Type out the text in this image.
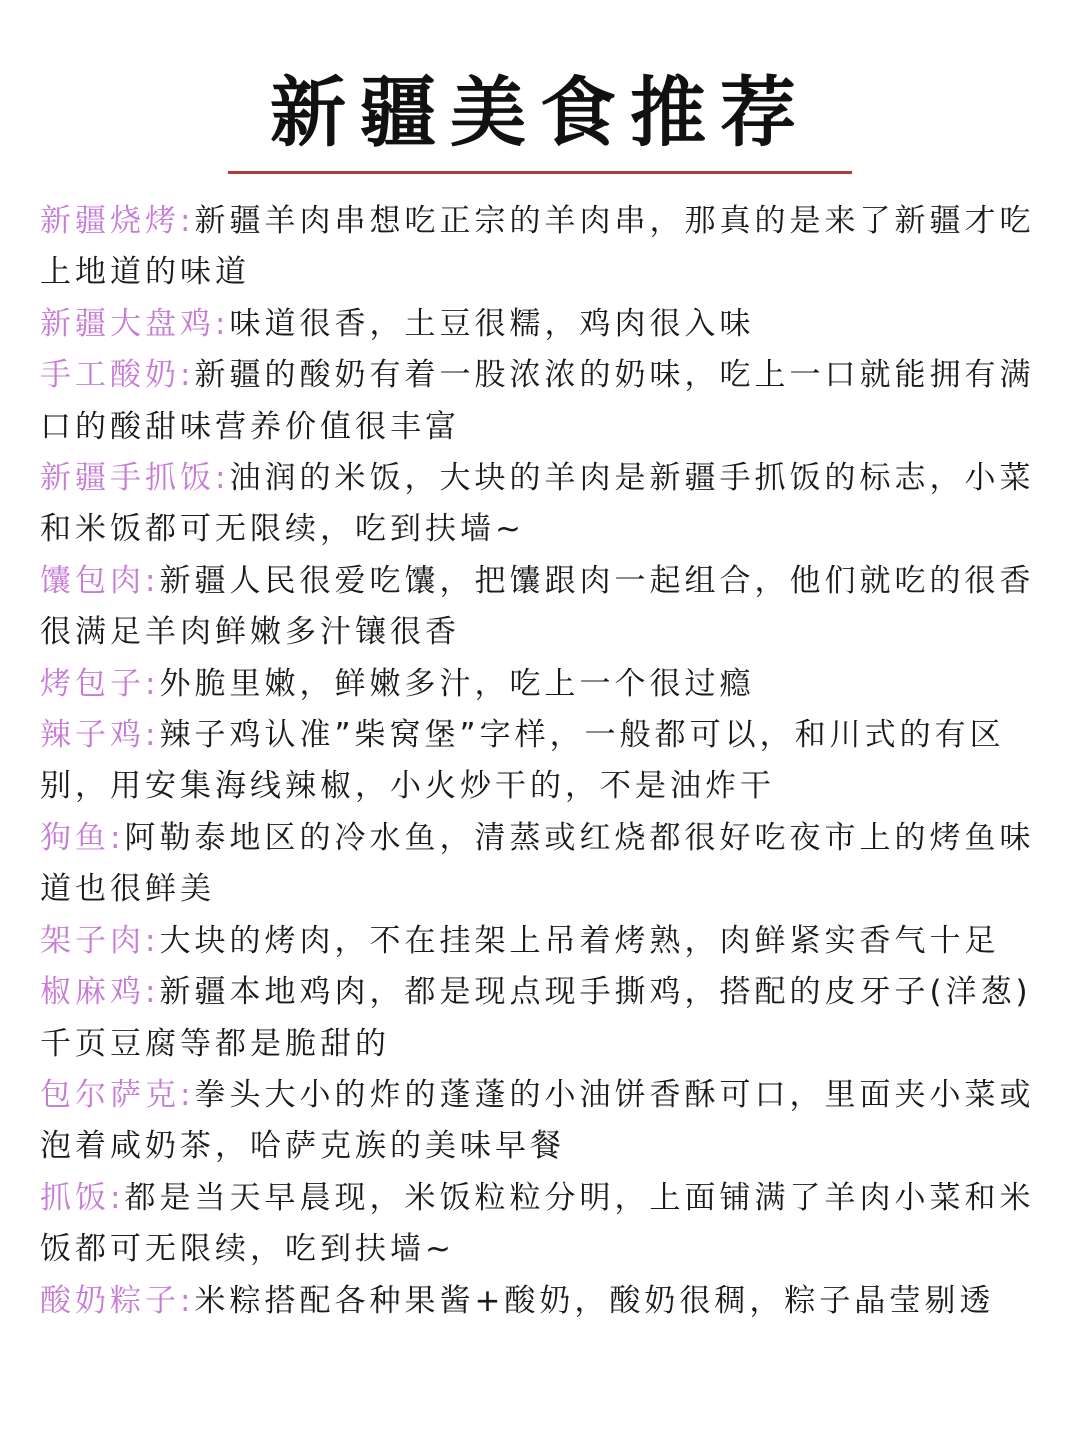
新疆美食推荐

新疆烧烤:新疆羊肉串想吃正宗的羊肉串，那真的是来了新疆才吃上地道的味道

新疆大盘鸡:味道很香，土豆很糯，鸡肉很入味

手工酸奶:新疆的酸奶有着一股浓浓的奶味，吃上一口就能拥有满口的酸甜味营养价值很丰富

新疆手抓饭:油润的米饭，大块的羊肉是新疆手抓饭的标志，小菜和米饭都可无限续，吃到扶墙~

馕包肉:新疆人民很爱吃馕，把馕跟肉一起组合，他们就吃的很香很满足羊肉鲜嫩多汁镶很香

烤包子:外脆里嫩，鲜嫩多汁，吃上一个很过瘾

辣子鸡:辣子鸡认准”柴窝堡”字样，一般都可以，和川式的有区别，用安集海线辣椒，小火炒干的，不是油炸干

狗鱼:阿勒泰地区的冷水鱼，清蒸或红烧都很好吃夜市上的烤鱼味道也很鲜美

架子肉:大块的烤肉，不在挂架上吊着烤熟，肉鲜紧实香气十足

椒麻鸡:新疆本地鸡肉，都是现点现手撕鸡，搭配的皮牙子(洋葱)千页豆腐等都是脆甜的

包尔萨克:拳头大小的炸的蓬蓬的小油饼香酥可口，里面夹小菜或泡着咸奶茶，哈萨克族的美味早餐

抓饭:都是当天早晨现，米饭粒粒分明，上面铺满了羊肉小菜和米饭都可无限续，吃到扶墙~

酸奶粽子:米粽搭配各种果酱+酸奶，酸奶很稠，粽子晶莹剔透
